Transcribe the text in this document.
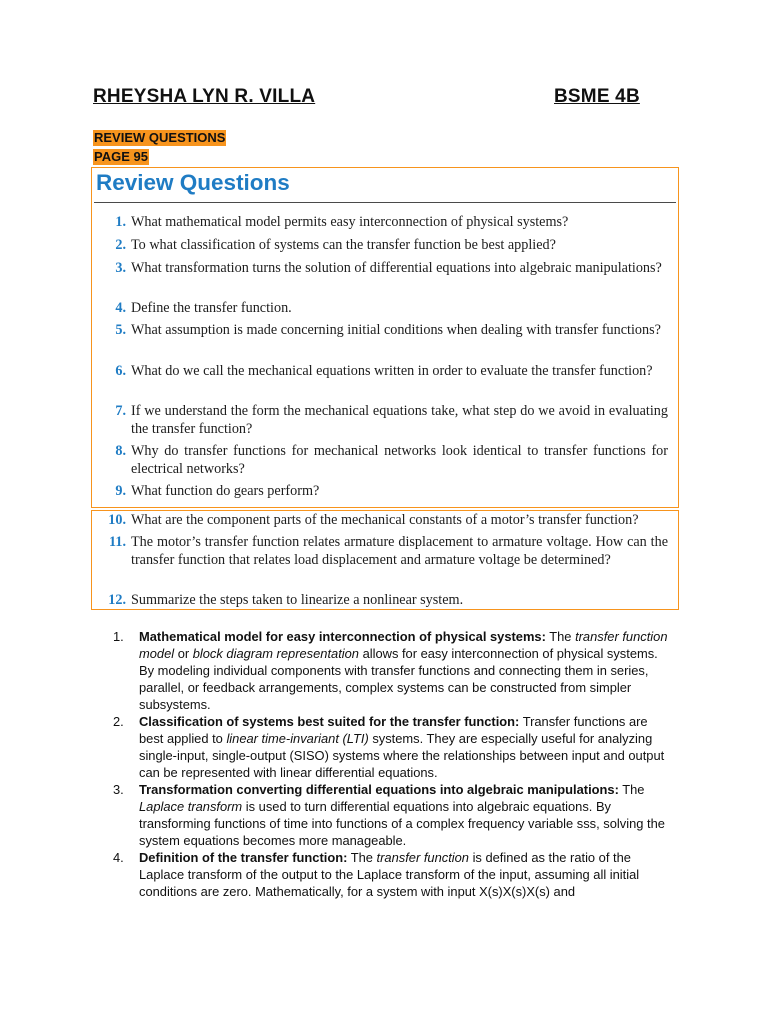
RHEYSHA LYN R. VILLA	BSME 4B
REVIEW QUESTIONS
PAGE 95
Review Questions
1. What mathematical model permits easy interconnection of physical systems?
2. To what classification of systems can the transfer function be best applied?
3. What transformation turns the solution of differential equations into algebraic manipulations?
4. Define the transfer function.
5. What assumption is made concerning initial conditions when dealing with transfer functions?
6. What do we call the mechanical equations written in order to evaluate the transfer function?
7. If we understand the form the mechanical equations take, what step do we avoid in evaluating the transfer function?
8. Why do transfer functions for mechanical networks look identical to transfer functions for electrical networks?
9. What function do gears perform?
10. What are the component parts of the mechanical constants of a motor’s transfer function?
11. The motor’s transfer function relates armature displacement to armature voltage. How can the transfer function that relates load displacement and armature voltage be determined?
12. Summarize the steps taken to linearize a nonlinear system.
1.	Mathematical model for easy interconnection of physical systems: The transfer function model or block diagram representation allows for easy interconnection of physical systems. By modeling individual components with transfer functions and connecting them in series, parallel, or feedback arrangements, complex systems can be constructed from simpler subsystems.
2.	Classification of systems best suited for the transfer function: Transfer functions are best applied to linear time-invariant (LTI) systems. They are especially useful for analyzing single-input, single-output (SISO) systems where the relationships between input and output can be represented with linear differential equations.
3.	Transformation converting differential equations into algebraic manipulations: The Laplace transform is used to turn differential equations into algebraic equations. By transforming functions of time into functions of a complex frequency variable sss, solving the system equations becomes more manageable.
4.	Definition of the transfer function: The transfer function is defined as the ratio of the Laplace transform of the output to the Laplace transform of the input, assuming all initial conditions are zero. Mathematically, for a system with input X(s)X(s)X(s) and
